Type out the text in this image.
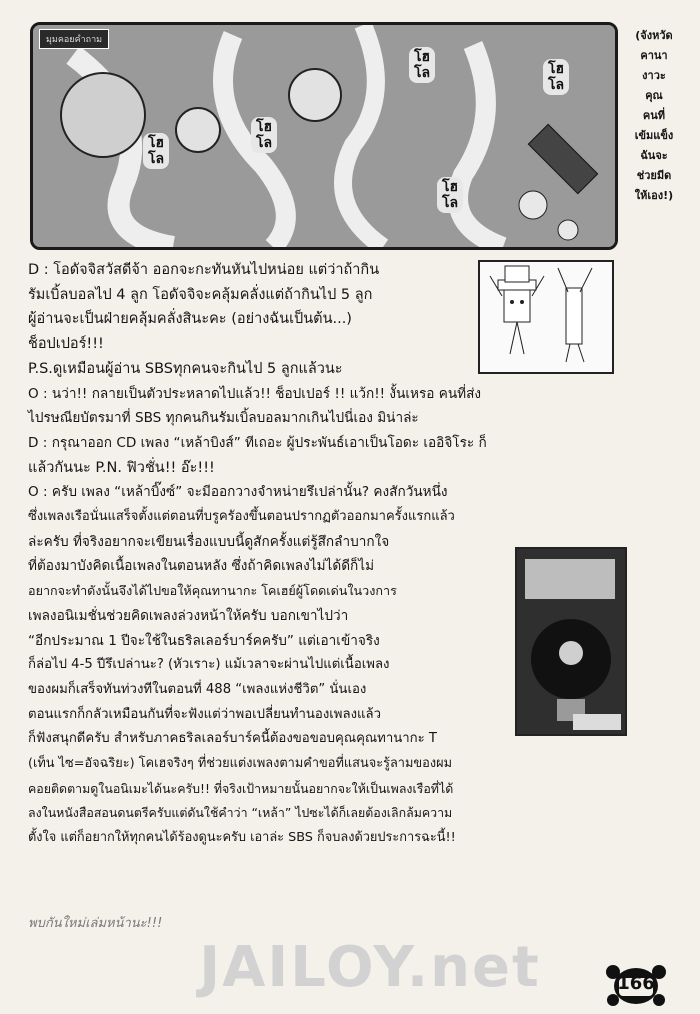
มุมคอยคำถาม
โฮ
โล
โฮ
โล
โฮ
โล	โฮ
โล
โฮ
โล
(จังหวัด
คานา
งาวะ
คุณ
คนที่
เข้มแข็ง
ฉันจะ
ช่วยมีด
ให้เอง!)

D : โอดัจจิสวัสดีจ้า ออกจะกะทันหันไปหน่อย แต่ว่าถ้ากิน

รัมเบิ้ลบอลไป 4 ลูก โอดัจจิจะคลุ้มคลั่งแต่ถ้ากินไป 5 ลูก

ผู้อ่านจะเป็นฝ่ายคลุ้มคลั่งสินะคะ (อย่างฉันเป็นต้น...)

ช็อปเปอร์!!!

P.S.ดูเหมือนผู้อ่าน SBSทุกคนจะกินไป 5 ลูกแล้วนะ

O : นว่า!! กลายเป็นตัวประหลาดไปแล้ว!! ช็อปเปอร์ !! แว้ก!! งั้นเหรอ คนที่ส่ง

ไปรษณียบัตรมาที่ SBS ทุกคนกินรัมเบิ้ลบอลมากเกินไปนี่เอง มิน่าล่ะ

D : กรุณาออก CD เพลง “เหล้าบิงส์” ทีเถอะ ผู้ประพันธ์เอาเป็นโอดะ เออิจิโระ ก็

แล้วกันนะ P.N. ฟิวชั่น!! อ๊ะ!!!

O : ครับ เพลง “เหล้าบิ๊งซ์” จะมีออกวางจำหน่ายรึเปล่านั้น? คงสักวันหนึ่ง

ซึ่งเพลงเรือนั่นแสร็จตั้งแต่ตอนที่บรูครัองขึ้นตอนปรากฏตัวออกมาครั้งแรกแล้ว

ล่ะครับ ที่จริงอยากจะเขียนเรื่องแบบนี้ดูสักครั้งแต่รู้สึกลำบากใจ

ที่ต้องมาบังคิดเนื้อเพลงในตอนหลัง ซึ่งถ้าคิดเพลงไม่ได้ดีก็ไม่

อยากจะทำดังนั้นจึงได้ไปขอให้คุณทานากะ โคเฮย์ผู้โดดเด่นในวงการ

เพลงอนิเมชั่นช่วยคิดเพลงล่วงหน้าให้ครับ บอกเขาไปว่า

“อีกประมาณ 1 ปีจะใช้ในธริลเลอร์บาร์คครับ” แต่เอาเข้าจริง

ก็ล่อไป 4-5 ปีรึเปล่านะ? (หัวเราะ) แม้เวลาจะผ่านไปแต่เนื้อเพลง

ของผมก็เสร็จทันท่วงทีในตอนที่ 488 “เพลงแห่งชีวิต” นั่นเอง

ตอนแรกก็กลัวเหมือนกันที่จะฟังแต่ว่าพอเปลี่ยนทำนองเพลงแล้ว

ก็ฟังสนุกดีครับ สำหรับภาคธริลเลอร์บาร์คนี้ต้องขอขอบคุณคุณทานากะ T

(เท็น ไซ=อัจฉริยะ) โคเฮจริงๆ ที่ช่วยแต่งเพลงตามคำขอที่แสนจะรู้ลามของผม

คอยติดตามดูในอนิเมะได้นะครับ!! ที่จริงเป้าหมายนั้นอยากจะให้เป็นเพลงเรือที่ได้

ลงในหนังสือสอนดนตรีครับแต่ดันใช้คำว่า “เหล้า” ไปซะได้ก็เลยต้องเลิกล้มความ

ตั้งใจ แต่ก็อยากให้ทุกคนได้ร้องดูนะครับ เอาล่ะ SBS ก็จบลงด้วยประการฉะนี้!!

พบกันใหม่เล่มหน้านะ!!!
JAILOY.net	166
